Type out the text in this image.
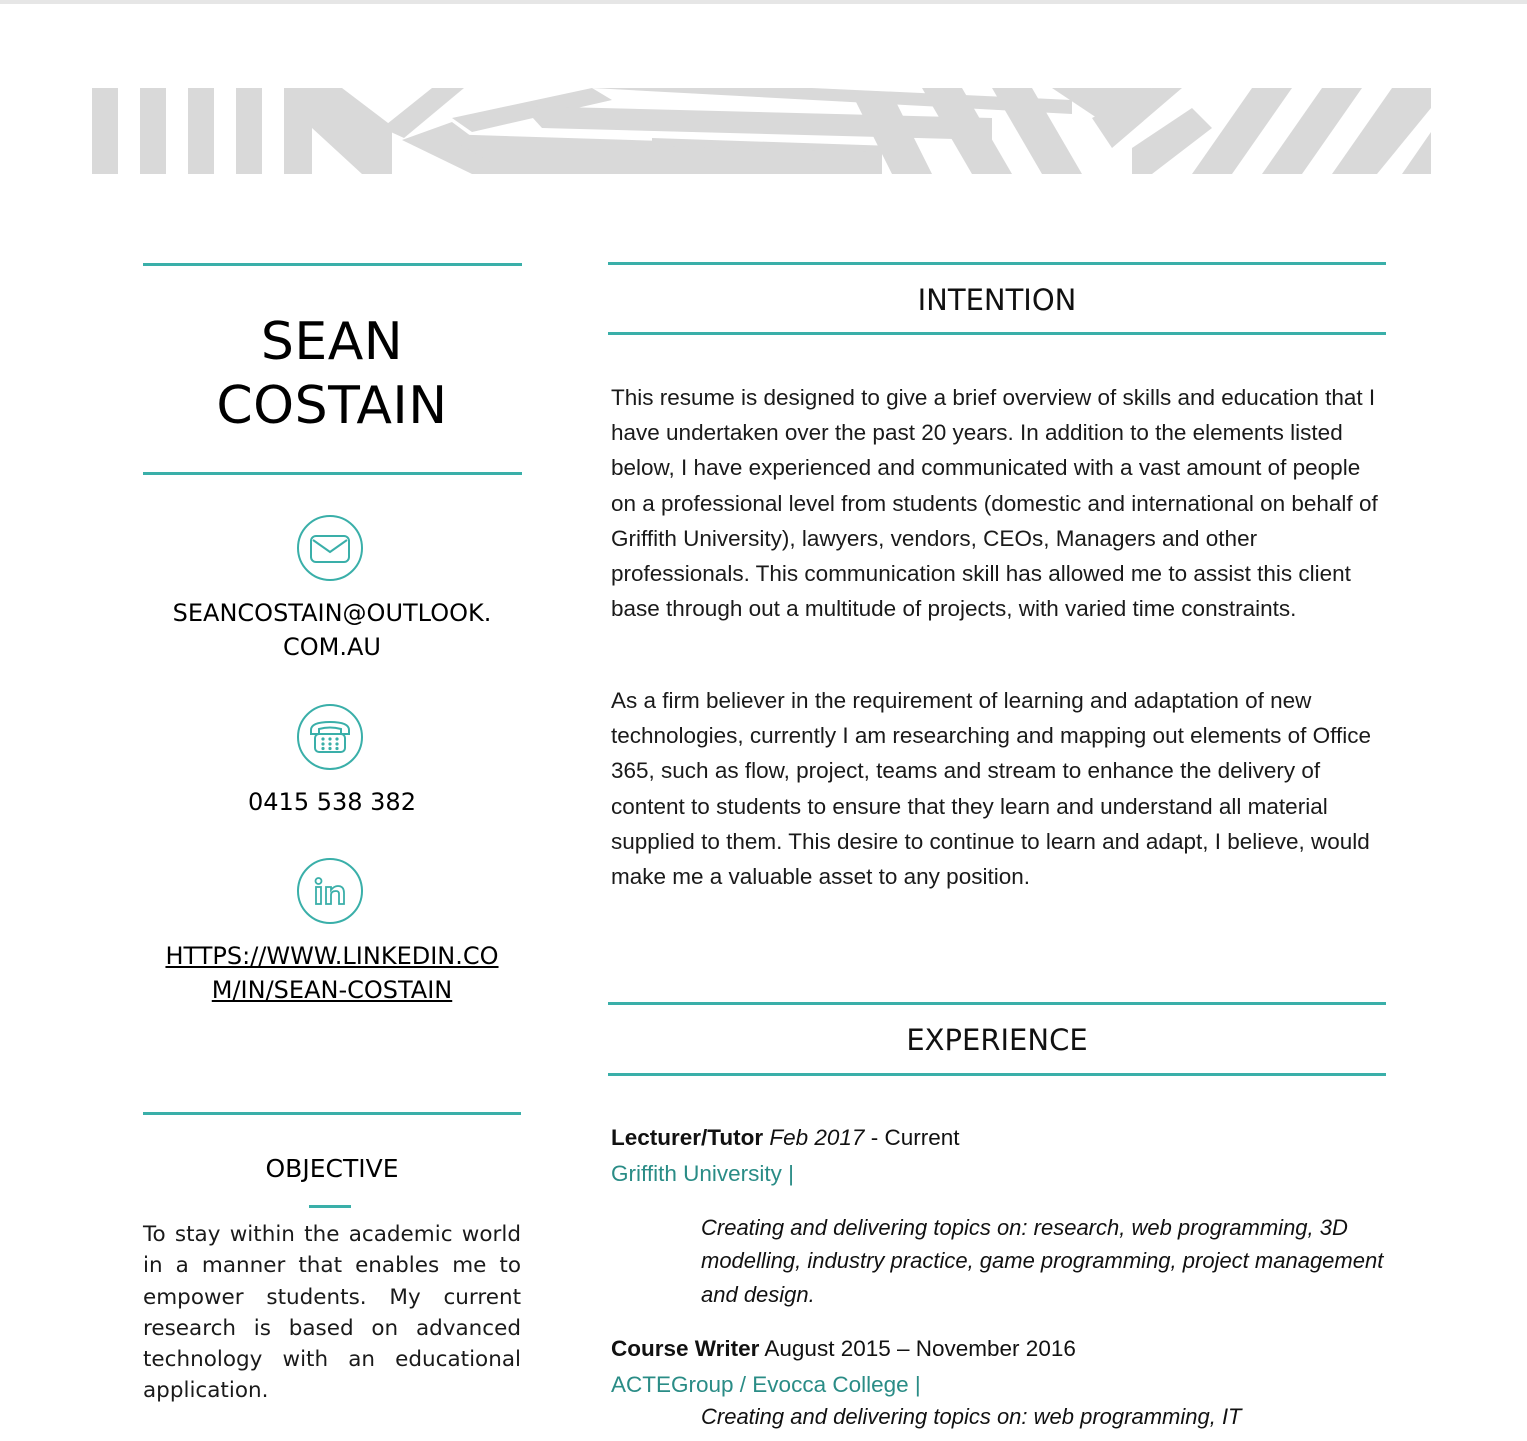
SEAN
COSTAIN
SEANCOSTAIN@OUTLOOK.
COM.AU
0415 538 382
HTTPS://WWW.LINKEDIN.CO
M/IN/SEAN-COSTAIN
OBJECTIVE
To stay within the academic world in a manner that enables me to empower students. My current research is based on advanced technology with an educational application.
INTENTION
This resume is designed to give a brief overview of skills and education that I have undertaken over the past 20 years. In addition to the elements listed below, I have experienced and communicated with a vast amount of people on a professional level from students (domestic and international on behalf of Griffith University), lawyers, vendors, CEOs, Managers and other professionals. This communication skill has allowed me to assist this client base through out a multitude of projects, with varied time constraints.
As a firm believer in the requirement of learning and adaptation of new technologies, currently I am researching and mapping out elements of Office 365, such as flow, project, teams and stream to enhance the delivery of content to students to ensure that they learn and understand all material supplied to them. This desire to continue to learn and adapt, I believe, would make me a valuable asset to any position.
EXPERIENCE
Lecturer/Tutor Feb 2017 - Current
Griffith University |
Creating and delivering topics on: research, web programming, 3D modelling, industry practice, game programming, project management and design.
Course Writer August 2015 – November 2016
ACTEGroup / Evocca College |
Creating and delivering topics on: web programming, IT
